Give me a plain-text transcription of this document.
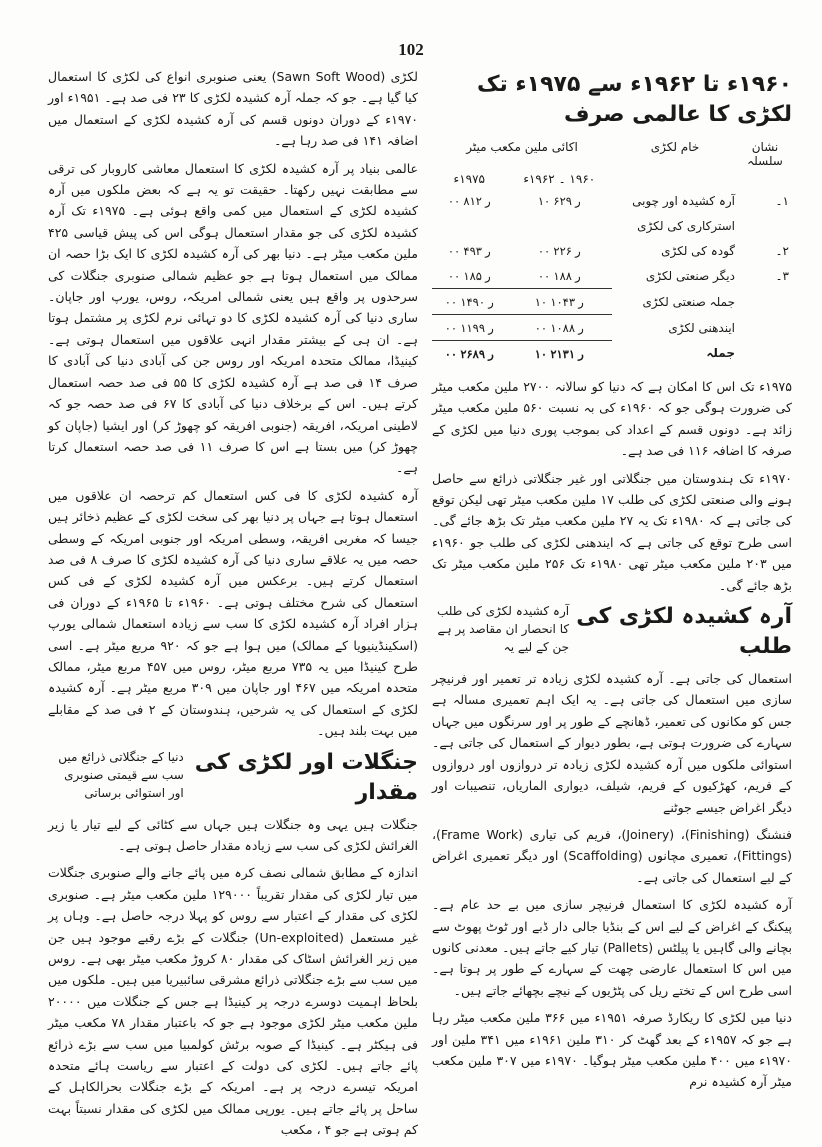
102
۱۹۶۰ء تا ۱۹۶۲ء سے ۱۹۷۵ء تک لکڑی کا عالمی صرف
نشان سلسلہ	خام لکڑی	اکائی ملین مکعب میٹر	
		۱۹۶۰ ۔ ۱۹۶۲ء	۱۹۷۵ء
۱۔	آرہ کشیدہ اور چوبی	۱۰ ر ۶۲۹	۰۰ ر ۸۱۲
	استرکاری کی لکڑی		
۲۔	گودہ کی لکڑی	۰۰ ر ۲۲۶	۰۰ ر ۴۹۳
۳۔	دیگر صنعتی لکڑی	۰۰ ر ۱۸۸	۰۰ ر ۱۸۵
	جملہ صنعتی لکڑی	۱۰ ر ۱۰۴۳	۰۰ ر ۱۴۹۰
	ایندھنی لکڑی	۰۰ ر ۱۰۸۸	۰۰ ر ۱۱۹۹
	جملہ	۱۰ ر ۲۱۳۱	۰۰ ر ۲۶۸۹

۱۹۷۵ء تک اس کا امکان ہے کہ دنیا کو سالانہ ۲۷۰۰ ملین مکعب میٹر کی ضرورت ہوگی جو کہ ۱۹۶۰ء کی بہ نسبت ۵۶۰ ملین مکعب میٹر زائد ہے۔ دونوں قسم کے اعداد کی بموجب پوری دنیا میں لکڑی کے صرفہ کا اضافہ ۱۱۶ فی صد ہے۔

۱۹۷۰ء تک ہندوستان میں جنگلاتی اور غیر جنگلاتی ذرائع سے حاصل ہونے والی صنعتی لکڑی کی طلب ۱۷ ملین مکعب میٹر تھی لیکن توقع کی جاتی ہے کہ ۱۹۸۰ء تک یہ ۲۷ ملین مکعب میٹر تک بڑھ جائے گی۔ اسی طرح توقع کی جاتی ہے کہ ایندھنی لکڑی کی طلب جو ۱۹۶۰ء میں ۲۰۳ ملین مکعب میٹر تھی ۱۹۸۰ء تک ۲۵۶ ملین مکعب میٹر تک بڑھ جائے گی۔

آرہ کشیدہ لکڑی کی طلب
آرہ کشیدہ لکڑی کی طلب کا انحصار ان مقاصد پر ہے جن کے لیے یہ

استعمال کی جاتی ہے۔ آرہ کشیدہ لکڑی زیادہ تر تعمیر اور فرنیچر سازی میں استعمال کی جاتی ہے۔ یہ ایک اہم تعمیری مسالہ ہے جس کو مکانوں کی تعمیر، ڈھانچے کے طور پر اور سرنگوں میں جہاں سہارے کی ضرورت ہوتی ہے، بطور دیوار کے استعمال کی جاتی ہے۔ استوائی ملکوں میں آرہ کشیدہ لکڑی زیادہ تر دروازوں اور دروازوں کے فریم، کھڑکیوں کے فریم، شیلف، دیواری الماریاں، تنصیبات اور دیگر اغراض جیسے جوٹنے

فنشنگ (Finishing)، (Joinery)، فریم کی تیاری (Frame Work)، (Fittings)، تعمیری مچانوں (Scaffolding) اور دیگر تعمیری اغراض کے لیے استعمال کی جاتی ہے۔

آرہ کشیدہ لکڑی کا استعمال فرنیچر سازی میں بے حد عام ہے۔ پیکنگ کے اغراض کے لیے اس کے بنڈیا جالی دار ڈبے اور ٹوٹ پھوٹ سے بچانے والی گاہیں یا پیلٹس (Pallets) تیار کیے جاتے ہیں۔ معدنی کانوں میں اس کا استعمال عارضی چھت کے سہارے کے طور پر ہوتا ہے۔ اسی طرح اس کے تختے ریل کی پٹڑیوں کے نیچے بچھائے جاتے ہیں۔

دنیا میں لکڑی کا ریکارڈ صرفہ ۱۹۵۱ء میں ۳۶۶ ملین مکعب میٹر رہا ہے جو کہ ۱۹۵۷ء کے بعد گھٹ کر ۳۱۰ ملین ۱۹۶۱ء میں ۳۴۱ ملین اور ۱۹۷۰ء میں ۴۰۰ ملین مکعب میٹر ہوگیا۔ ۱۹۷۰ء میں ۳۰۷ ملین مکعب میٹر آرہ کشیدہ نرم

لکڑی (Sawn Soft Wood) یعنی صنوبری انواع کی لکڑی کا استعمال کیا گیا ہے۔ جو کہ جملہ آرہ کشیدہ لکڑی کا ۲۳ فی صد ہے۔ ۱۹۵۱ء اور ۱۹۷۰ء کے دوران دونوں قسم کی آرہ کشیدہ لکڑی کے استعمال میں اضافہ ۱۴۱ فی صد رہا ہے۔

عالمی بنیاد پر آرہ کشیدہ لکڑی کا استعمال معاشی کاروبار کی ترقی سے مطابقت نہیں رکھتا۔ حقیقت تو یہ ہے کہ بعض ملکوں میں آرہ کشیدہ لکڑی کے استعمال میں کمی واقع ہوئی ہے۔ ۱۹۷۵ء تک آرہ کشیدہ لکڑی کی جو مقدار استعمال ہوگی اس کی پیش قیاسی ۴۲۵ ملین مکعب میٹر ہے۔ دنیا بھر کی آرہ کشیدہ لکڑی کا ایک بڑا حصہ ان ممالک میں استعمال ہوتا ہے جو عظیم شمالی صنوبری جنگلات کی سرحدوں پر واقع ہیں یعنی شمالی امریکہ، روس، یورپ اور جاپان۔ ساری دنیا کی آرہ کشیدہ لکڑی کا دو تہائی نرم لکڑی پر مشتمل ہوتا ہے۔ ان ہی کے بیشتر مقدار انہی علاقوں میں استعمال ہوتی ہے۔ کینیڈا، ممالک متحدہ امریکہ اور روس جن کی آبادی دنیا کی آبادی کا صرف ۱۴ فی صد ہے آرہ کشیدہ لکڑی کا ۵۵ فی صد حصہ استعمال کرتے ہیں۔ اس کے برخلاف دنیا کی آبادی کا ۶۷ فی صد حصہ جو کہ لاطینی امریکہ، افریقہ (جنوبی افریقہ کو چھوڑ کر) اور ایشیا (جاپان کو چھوڑ کر) میں بستا ہے اس کا صرف ۱۱ فی صد حصہ استعمال کرتا ہے۔

آرہ کشیدہ لکڑی کا فی کس استعمال کم ترحصہ ان علاقوں میں استعمال ہوتا ہے جہاں پر دنیا بھر کی سخت لکڑی کے عظیم ذخائر ہیں جیسا کہ مغربی افریقہ، وسطی امریکہ اور جنوبی امریکہ کے وسطی حصہ میں یہ علاقے ساری دنیا کی آرہ کشیدہ لکڑی کا صرف ۸ فی صد استعمال کرتے ہیں۔ برعکس میں آرہ کشیدہ لکڑی کے فی کس استعمال کی شرح مختلف ہوتی ہے۔ ۱۹۶۰ء تا ۱۹۶۵ء کے دوران فی ہزار افراد آرہ کشیدہ لکڑی کا سب سے زیادہ استعمال شمالی یورپ (اسکینڈینیویا کے ممالک) میں ہوا ہے جو کہ ۹۲۰ مربع میٹر ہے۔ اسی طرح کینیڈا میں یہ ۷۳۵ مربع میٹر، روس میں ۴۵۷ مربع میٹر، ممالک متحدہ امریکہ میں ۴۶۷ اور جاپان میں ۳۰۹ مربع میٹر ہے۔ آرہ کشیدہ لکڑی کے استعمال کی یہ شرحیں، ہندوستان کے ۲ فی صد کے مقابلے میں بہت بلند ہیں۔

جنگلات اور لکڑی کی مقدار
دنیا کے جنگلاتی ذرائع میں سب سے قیمتی صنوبری اور استوائی برساتی

جنگلات ہیں یہی وہ جنگلات ہیں جہاں سے کٹائی کے لیے تیار یا زیر الغرائش لکڑی کی سب سے زیادہ مقدار حاصل ہوتی ہے۔

اندازہ کے مطابق شمالی نصف کرہ میں پائے جانے والے صنوبری جنگلات میں تیار لکڑی کی مقدار تقریباً ۱۲۹۰۰۰ ملین مکعب میٹر ہے۔ صنوبری لکڑی کی مقدار کے اعتبار سے روس کو پہلا درجہ حاصل ہے۔ وہاں پر غیر مستعمل (Un-exploited) جنگلات کے بڑے رقبے موجود ہیں جن میں زیر الغرائش اسٹاک کی مقدار ۸۰ کروڑ مکعب میٹر بھی ہے۔ روس میں سب سے بڑے جنگلاتی ذرائع مشرقی سائبیریا میں ہیں۔ ملکوں میں بلحاظ اہمیت دوسرے درجہ پر کینیڈا ہے جس کے جنگلات میں ۲۰۰۰۰ ملین مکعب میٹر لکڑی موجود ہے جو کہ باعتبار مقدار ۷۸ مکعب میٹر فی ہیکٹر ہے۔ کینیڈا کے صوبہ برٹش کولمبیا میں سب سے بڑے ذرائع پائے جاتے ہیں۔ لکڑی کی دولت کے اعتبار سے ریاست ہائے متحدہ امریکہ تیسرے درجہ پر ہے۔ امریکہ کے بڑے جنگلات بحرالکاہل کے ساحل پر پائے جاتے ہیں۔ یورپی ممالک میں لکڑی کی مقدار نسبتاً بہت کم ہوتی ہے جو ۴ ، مکعب
